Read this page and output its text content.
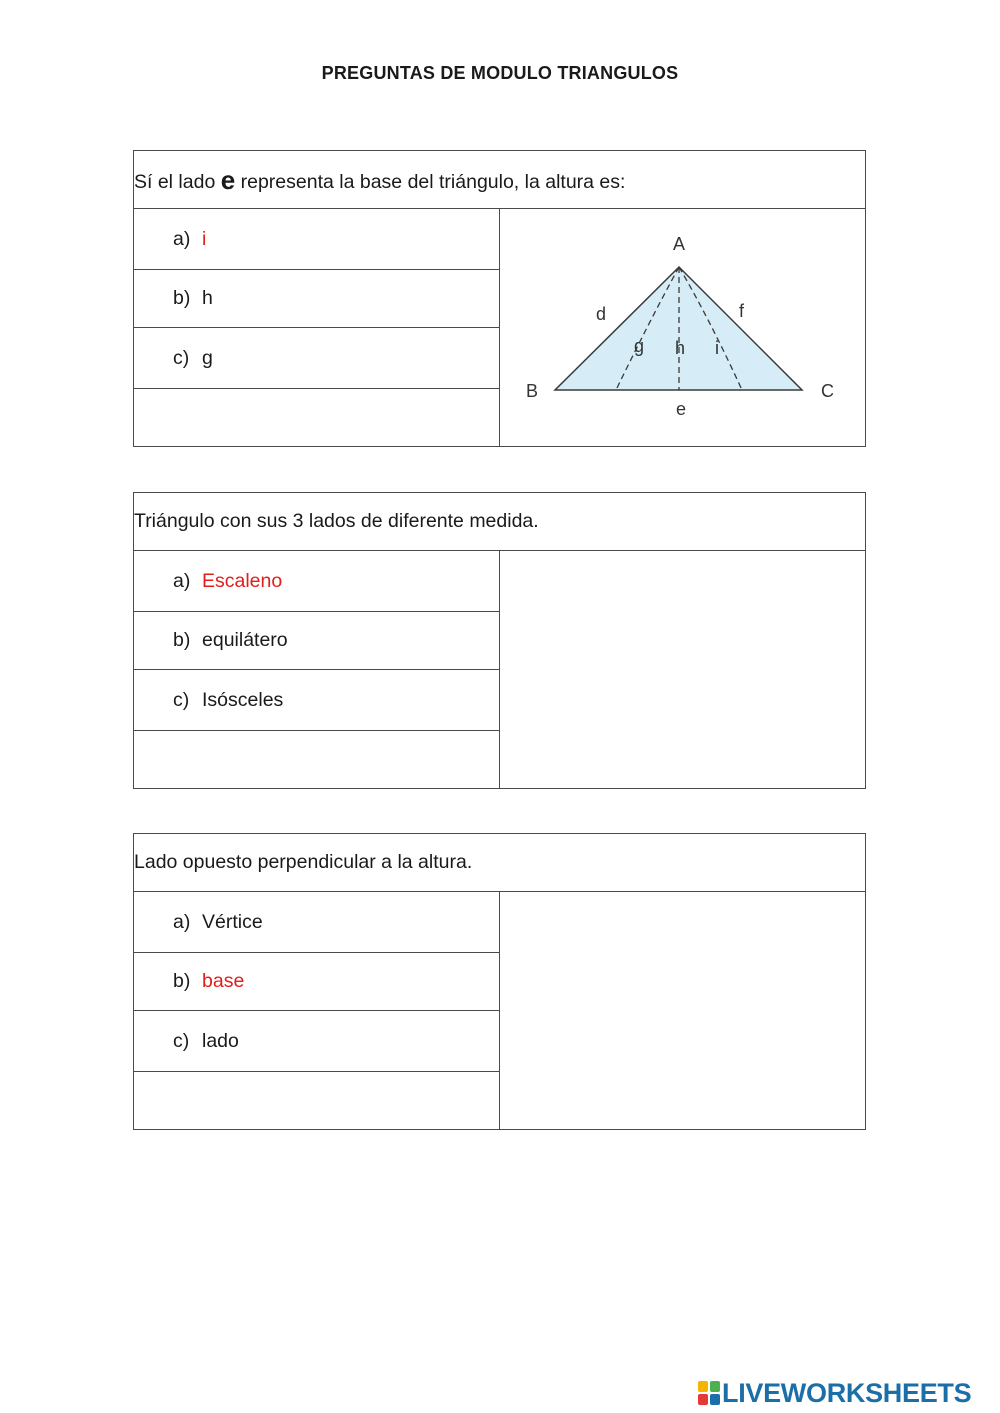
PREGUNTAS DE MODULO TRIANGULOS
Sí el lado e representa la base del triángulo, la altura es:

a) i	A
B	C
d	f
e
g h i

b) h

c) g

Triángulo con sus 3 lados de diferente medida.

a) Escaleno

b) equilátero

c) Isósceles

Lado opuesto perpendicular a la altura.

a) Vértice

b) base

c) lado

LIVEWORKSHEETS
